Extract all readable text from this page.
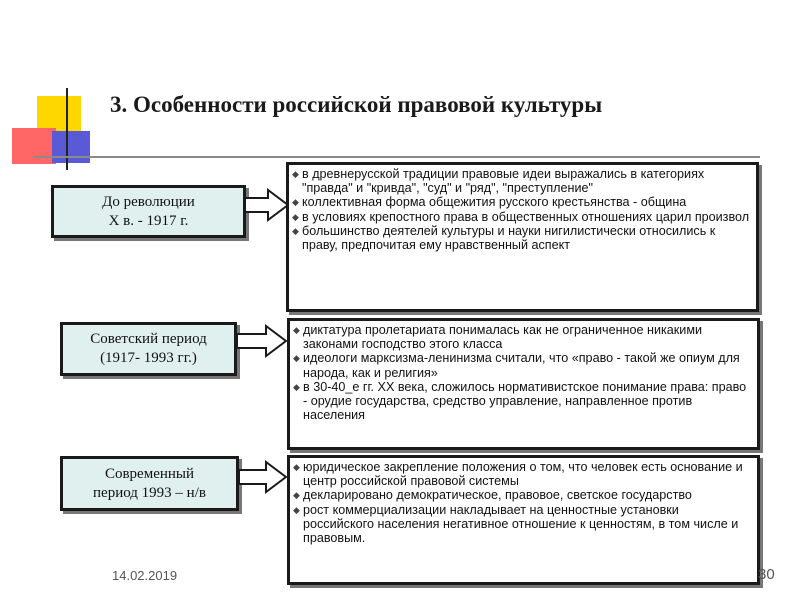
3. Особенности российской правовой культуры
До революции
X в. - 1917 г.
◆ в древнерусской традиции правовые идеи выражались в категориях "правда" и "кривда", "суд" и "ряд", "преступление"
◆ коллективная форма общежития русского крестьянства - община
◆ в условиях крепостного права в общественных отношениях царил произвол
◆ большинство деятелей культуры и науки нигилистически относились к праву, предпочитая ему нравственный аспект
Советский период
(1917- 1993 гг.)
◆ диктатура пролетариата понималась как не ограниченное никакими законами господство этого класса
◆ идеологи марксизма-ленинизма считали, что «право - такой же опиум для народа, как и религия»
◆ в 30-40_е гг. XX века, сложилось нормативистское понимание права: право - орудие государства, средство управление, направленное против населения
Современный
период 1993 – н/в
◆ юридическое закрепление положения о том, что человек есть основание и центр российской правовой системы
◆ декларировано демократическое, правовое, светское государство
◆ рост коммерциализации накладывает на ценностные установки российского населения негативное отношение к ценностям, в том числе и правовым.
14.02.2019	30
